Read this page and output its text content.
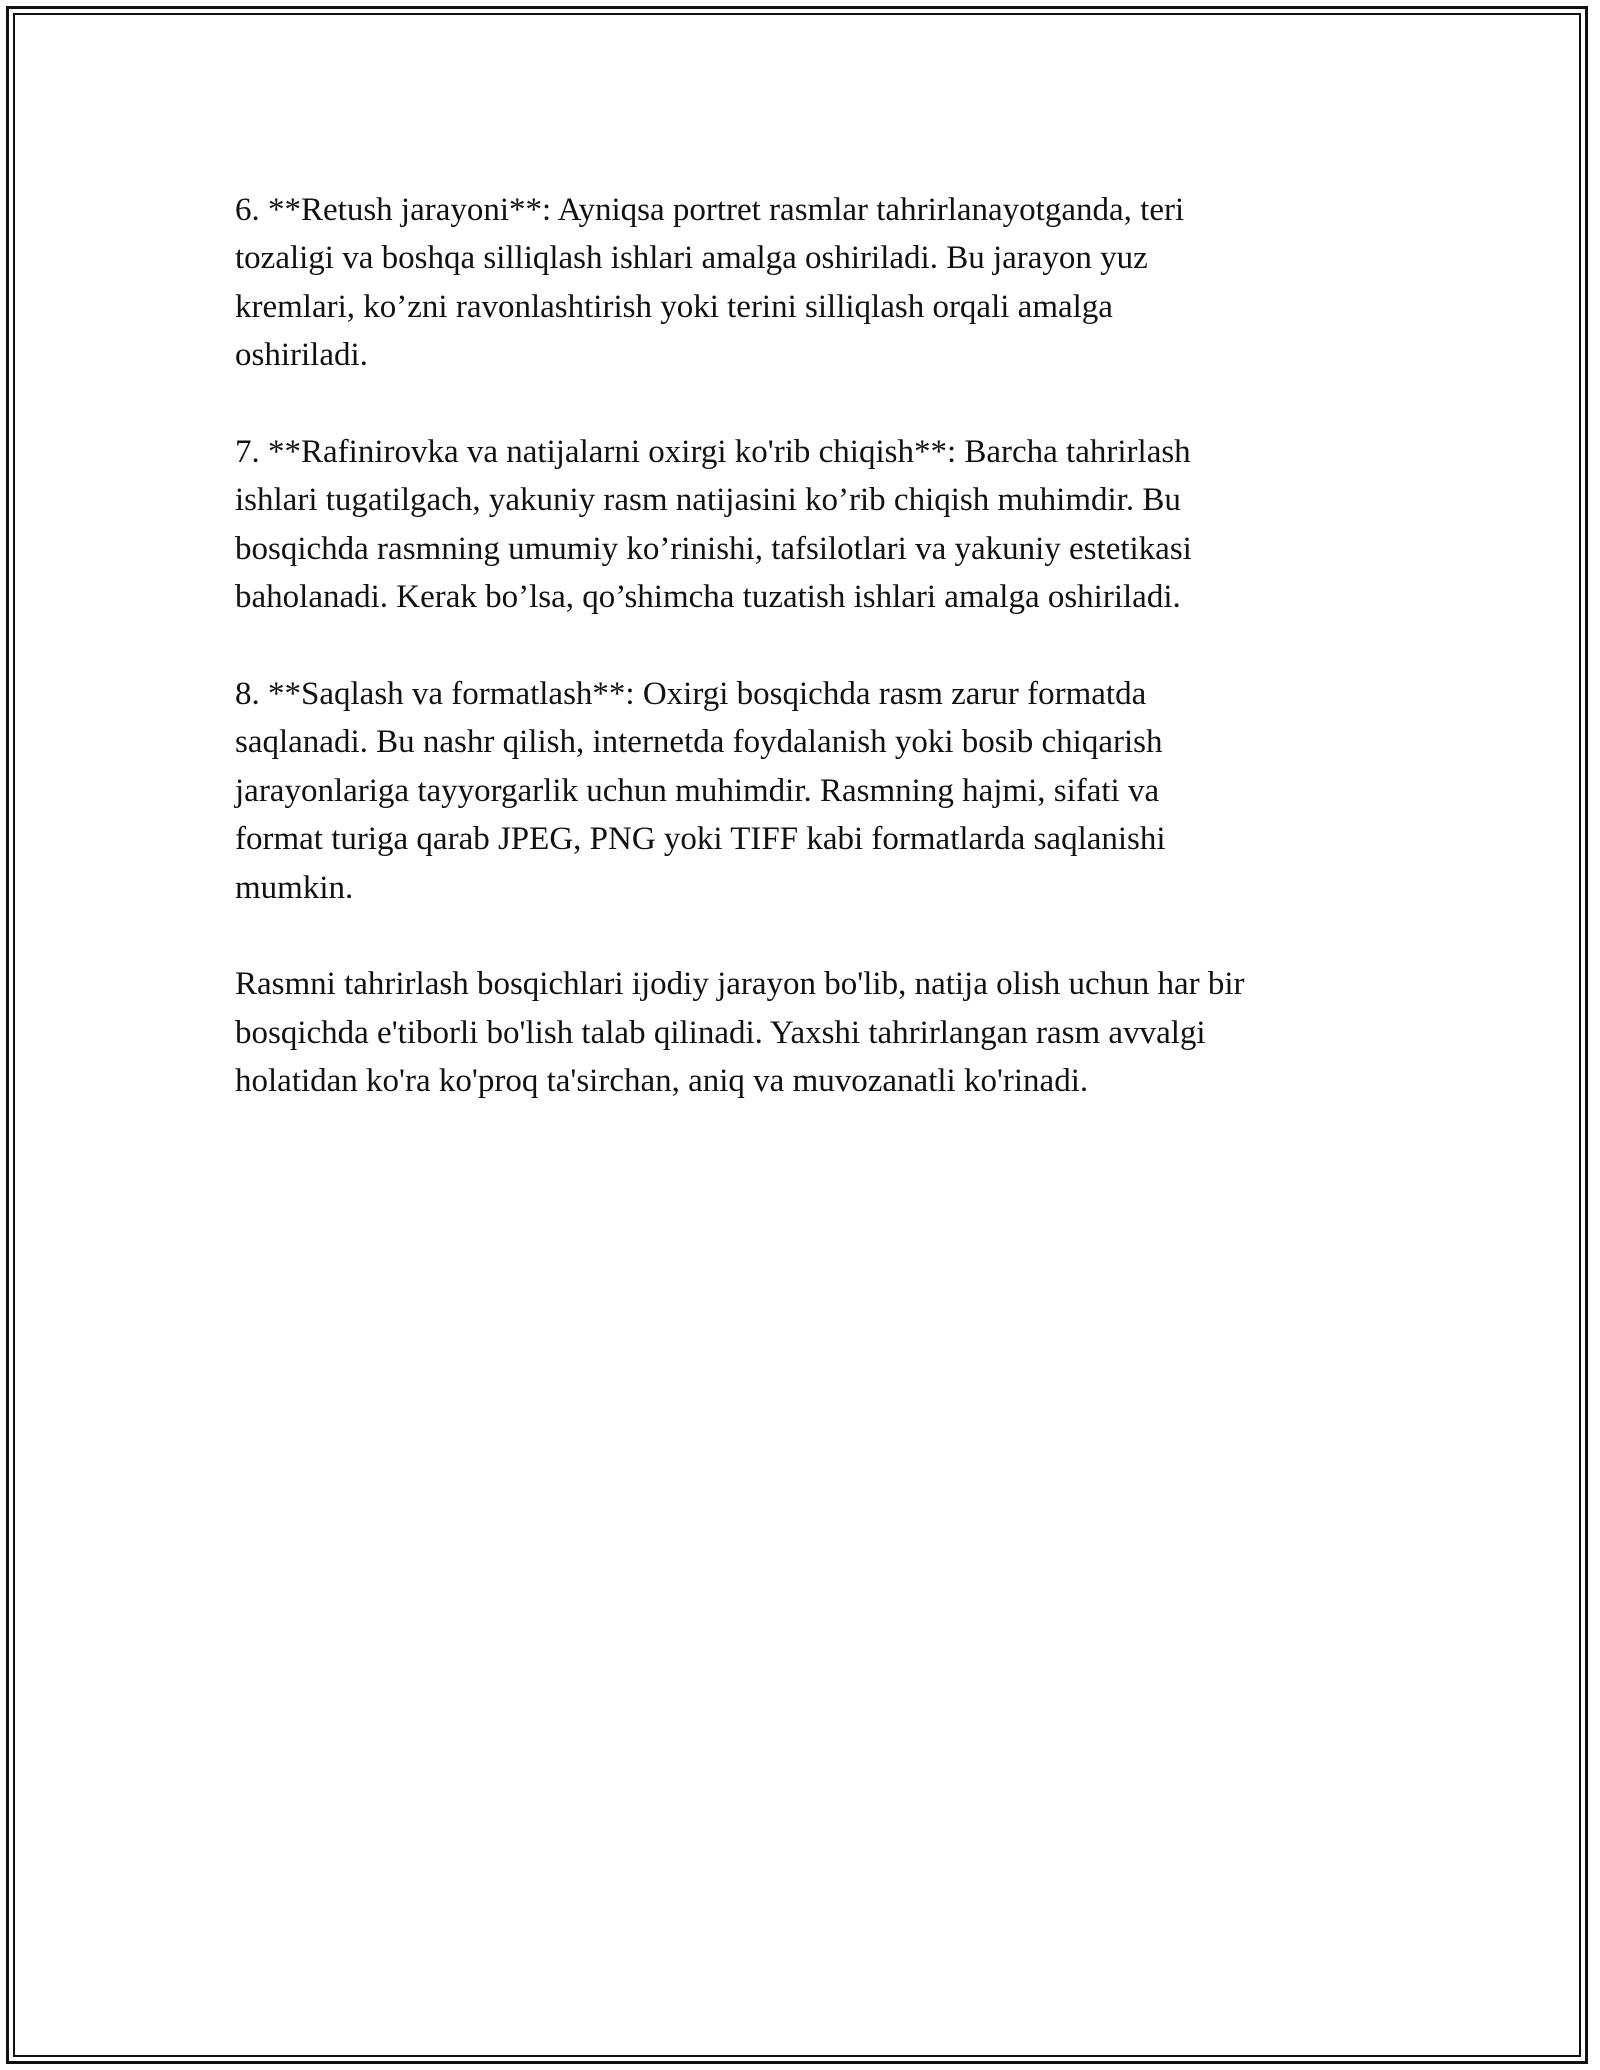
6. **Retush jarayoni**: Ayniqsa portret rasmlar tahrirlanayotganda, teri
tozaligi va boshqa silliqlash ishlari amalga oshiriladi. Bu jarayon yuz
kremlari, ko’zni ravonlashtirish yoki terini silliqlash orqali amalga
oshiriladi.

7. **Rafinirovka va natijalarni oxirgi ko'rib chiqish**: Barcha tahrirlash
ishlari tugatilgach, yakuniy rasm natijasini ko’rib chiqish muhimdir. Bu
bosqichda rasmning umumiy ko’rinishi, tafsilotlari va yakuniy estetikasi
baholanadi. Kerak bo’lsa, qo’shimcha tuzatish ishlari amalga oshiriladi.

8. **Saqlash va formatlash**: Oxirgi bosqichda rasm zarur formatda
saqlanadi. Bu nashr qilish, internetda foydalanish yoki bosib chiqarish
jarayonlariga tayyorgarlik uchun muhimdir. Rasmning hajmi, sifati va
format turiga qarab JPEG, PNG yoki TIFF kabi formatlarda saqlanishi
mumkin.

Rasmni tahrirlash bosqichlari ijodiy jarayon bo'lib, natija olish uchun har bir
bosqichda e'tiborli bo'lish talab qilinadi. Yaxshi tahrirlangan rasm avvalgi
holatidan ko'ra ko'proq ta'sirchan, aniq va muvozanatli ko'rinadi.
